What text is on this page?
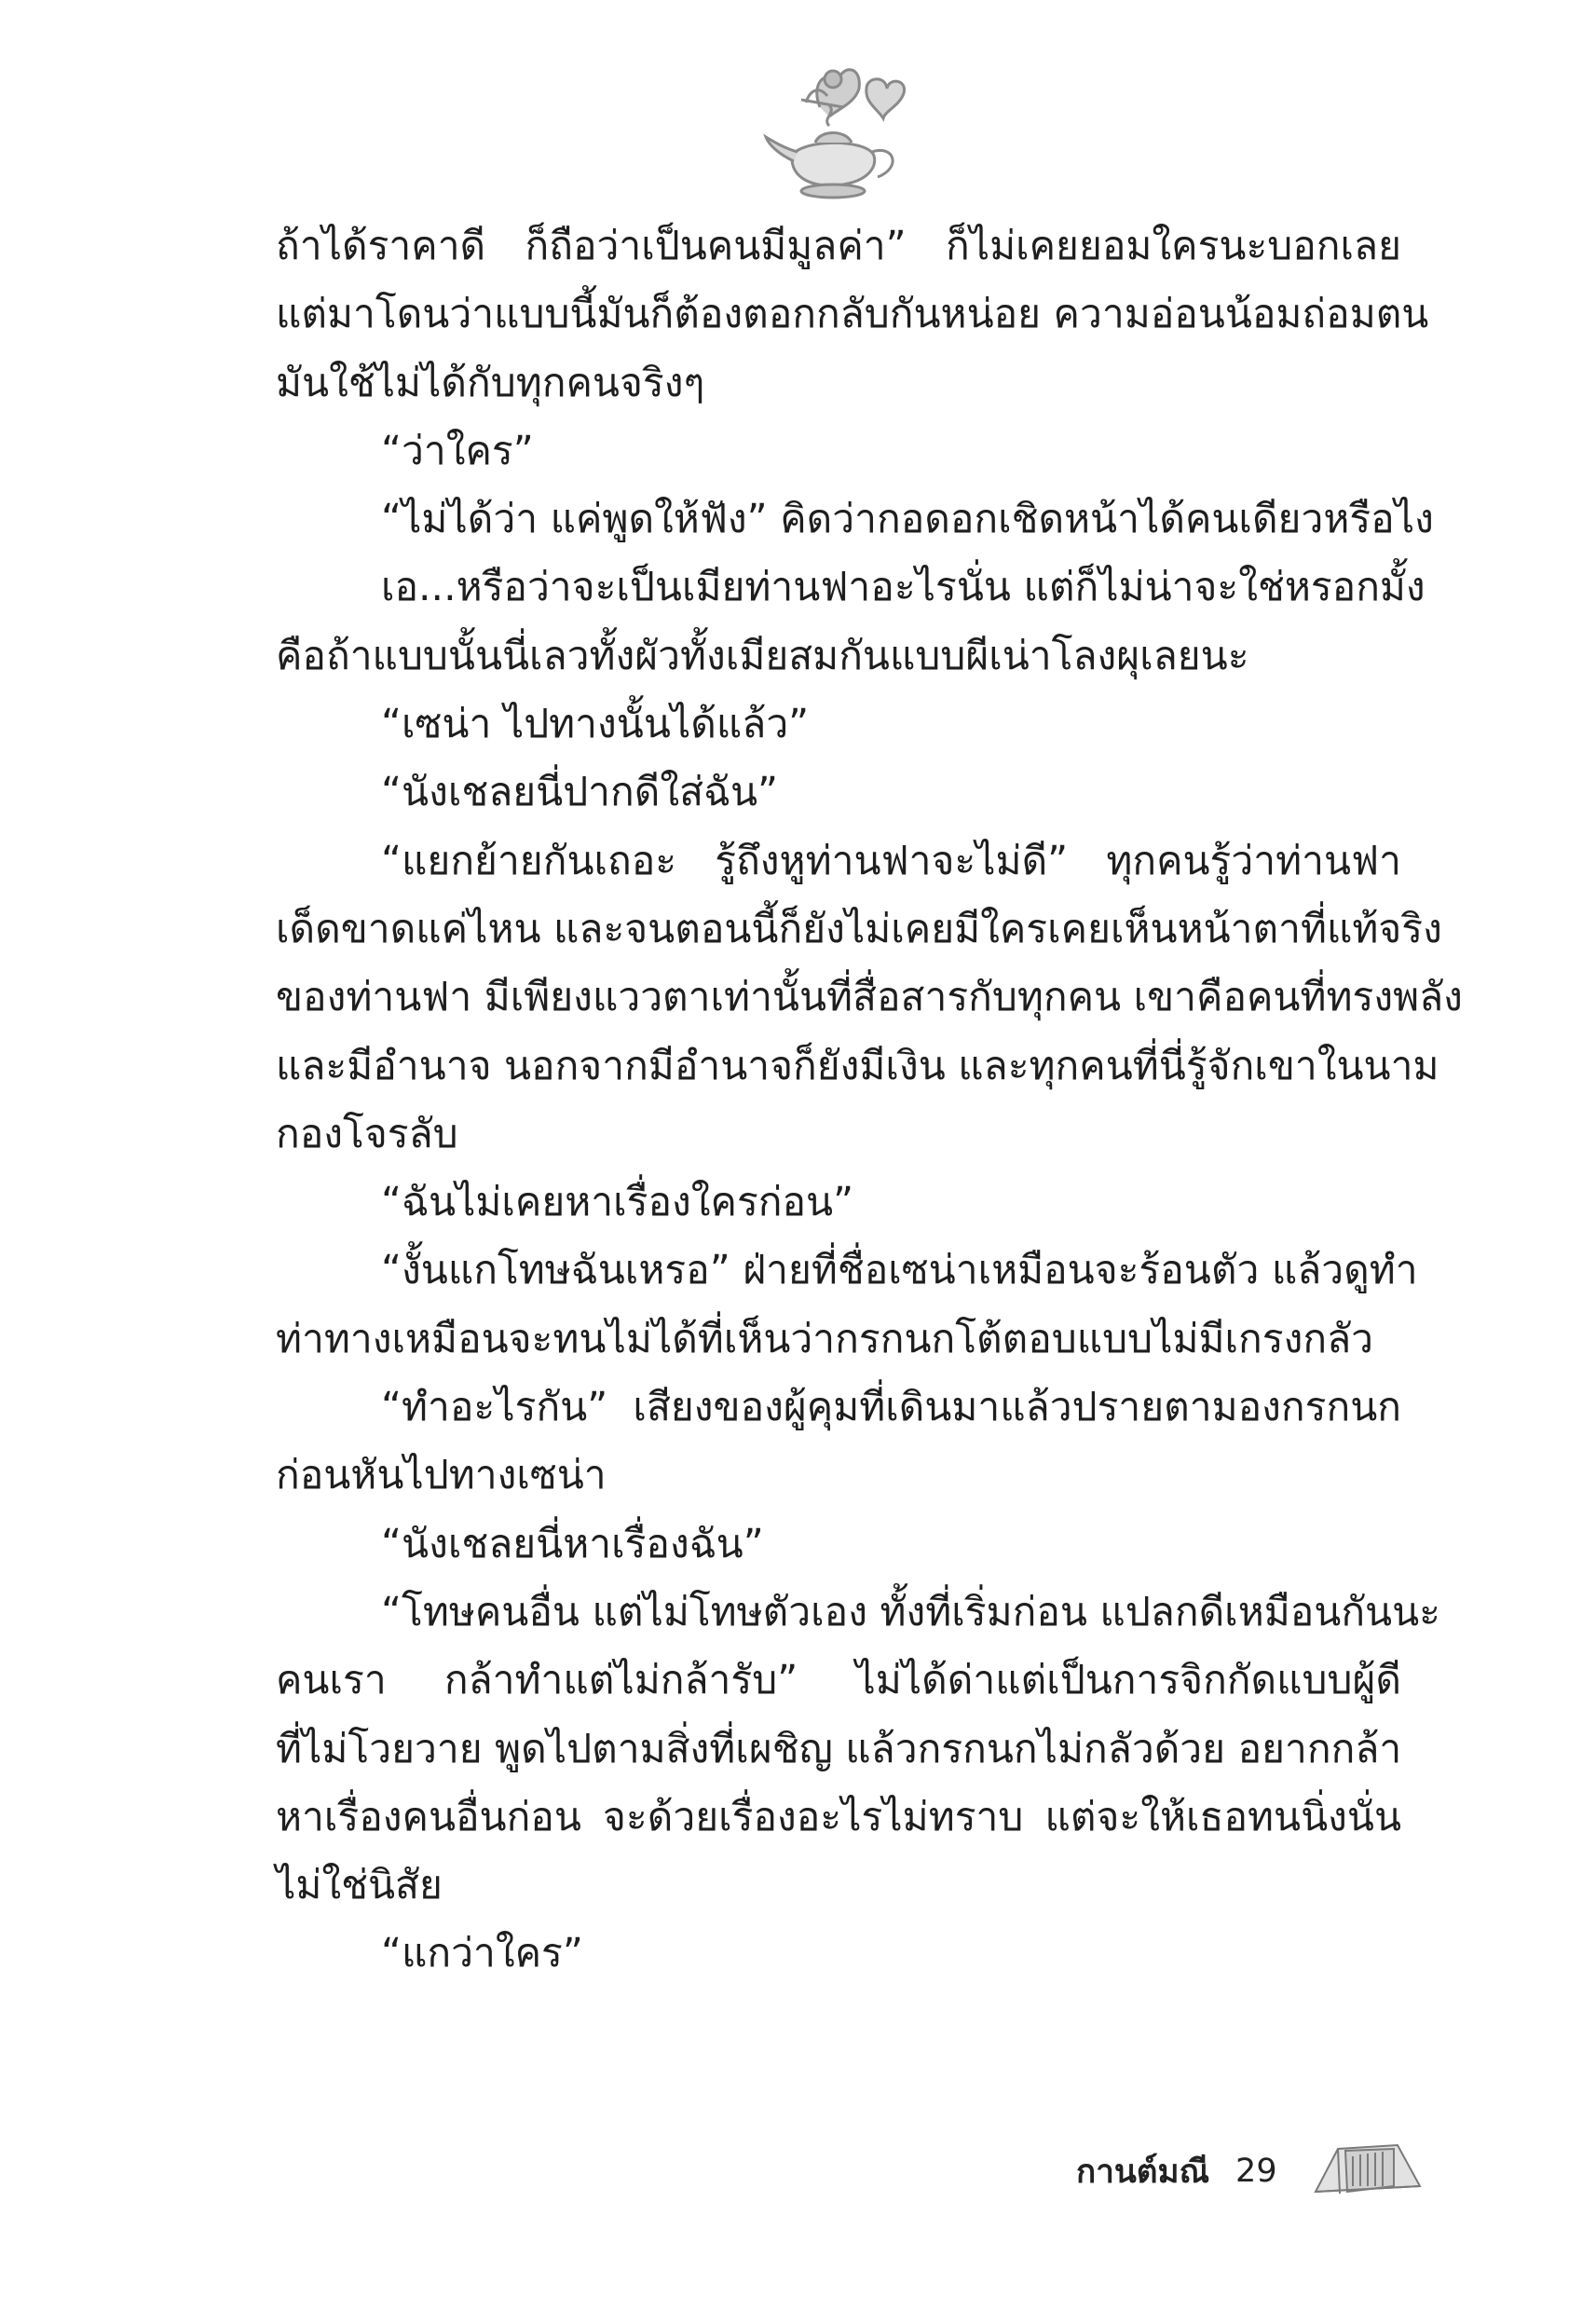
ถ้าได้ราคาดี ก็ถือว่าเป็นคนมีมูลค่า” ก็ไม่เคยยอมใครนะบอกเลย
แต่มาโดนว่าแบบนี้มันก็ต้องตอกกลับกันหน่อย ความอ่อนน้อมถ่อมตน
มันใช้ไม่ได้กับทุกคนจริงๆ
“ว่าใคร”
“ไม่ได้ว่า แค่พูดให้ฟัง” คิดว่ากอดอกเชิดหน้าได้คนเดียวหรือไง
เอ...หรือว่าจะเป็นเมียท่านฟาอะไรนั่น แต่ก็ไม่น่าจะใช่หรอกมั้ง
คือถ้าแบบนั้นนี่เลวทั้งผัวทั้งเมียสมกันแบบผีเน่าโลงผุเลยนะ
“เซน่า ไปทางนั้นได้แล้ว”
“นังเชลยนี่ปากดีใส่ฉัน”
“แยกย้ายกันเถอะ รู้ถึงหูท่านฟาจะไม่ดี” ทุกคนรู้ว่าท่านฟา
เด็ดขาดแค่ไหน และจนตอนนี้ก็ยังไม่เคยมีใครเคยเห็นหน้าตาที่แท้จริง
ของท่านฟา มีเพียงแววตาเท่านั้นที่สื่อสารกับทุกคน เขาคือคนที่ทรงพลัง
และมีอำนาจ นอกจากมีอำนาจก็ยังมีเงิน และทุกคนที่นี่รู้จักเขาในนาม
กองโจรลับ
“ฉันไม่เคยหาเรื่องใครก่อน”
“งั้นแกโทษฉันเหรอ” ฝ่ายที่ชื่อเซน่าเหมือนจะร้อนตัว แล้วดูทำ
ท่าทางเหมือนจะทนไม่ได้ที่เห็นว่ากรกนกโต้ตอบแบบไม่มีเกรงกลัว
“ทำอะไรกัน” เสียงของผู้คุมที่เดินมาแล้วปรายตามองกรกนก
ก่อนหันไปทางเซน่า
“นังเชลยนี่หาเรื่องฉัน”
“โทษคนอื่น แต่ไม่โทษตัวเอง ทั้งที่เริ่มก่อน แปลกดีเหมือนกันนะ
คนเรา กล้าทำแต่ไม่กล้ารับ” ไม่ได้ด่าแต่เป็นการจิกกัดแบบผู้ดี
ที่ไม่โวยวาย พูดไปตามสิ่งที่เผชิญ แล้วกรกนกไม่กลัวด้วย อยากกล้า
หาเรื่องคนอื่นก่อน จะด้วยเรื่องอะไรไม่ทราบ แต่จะให้เธอทนนิ่งนั่น
ไม่ใช่นิสัย
“แกว่าใคร”
กานต์มณี 29
